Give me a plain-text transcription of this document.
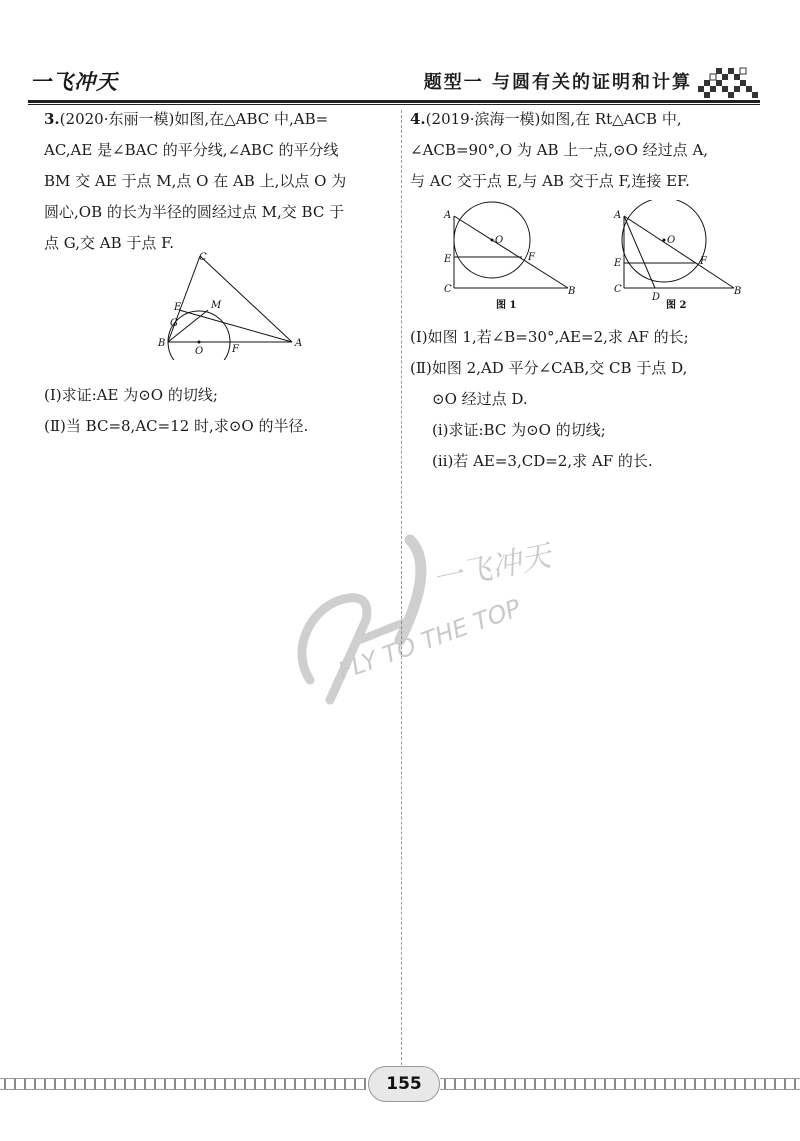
一飞冲天	题型一 与圆有关的证明和计算

3.(2020·东丽一模)如图,在△ABC 中,AB=

AC,AE 是∠BAC 的平分线,∠ABC 的平分线

BM 交 AE 于点 M,点 O 在 AB 上,以点 O 为

圆心,OB 的长为半径的圆经过点 M,交 BC 于

点 G,交 AB 于点 F.

C
E	M
G
B
O	F
A

(Ⅰ)求证:AE 为⊙O 的切线;

(Ⅱ)当 BC=8,AC=12 时,求⊙O 的半径.

4.(2019·滨海一模)如图,在 Rt△ACB 中,

∠ACB=90°,O 为 AB 上一点,⊙O 经过点 A,

与 AC 交于点 E,与 AB 交于点 F,连接 EF.

A
O
E	F
C	B
图 1
A
O
E	F
C
D
B
图 2

(Ⅰ)如图 1,若∠B=30°,AE=2,求 AF 的长;

(Ⅱ)如图 2,AD 平分∠CAB,交 CB 于点 D,

⊙O 经过点 D.

(ⅰ)求证:BC 为⊙O 的切线;

(ⅱ)若 AE=3,CD=2,求 AF 的长.

一飞冲天
FLY TO THE TOP
155
